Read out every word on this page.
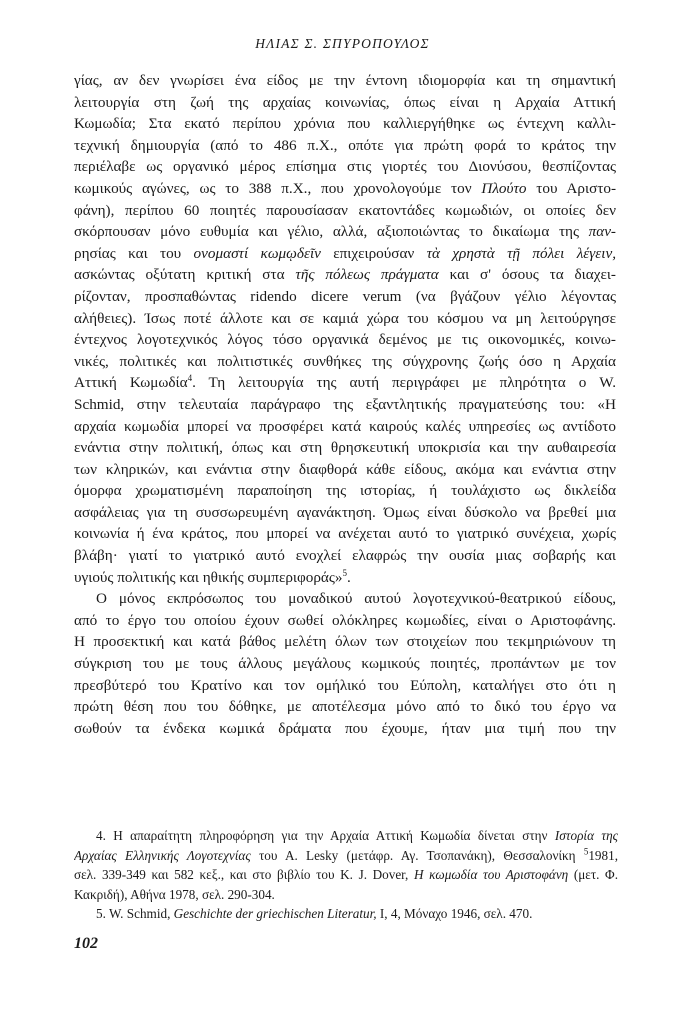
ΗΛΙΑΣ Σ. ΣΠΥΡΟΠΟΥΛΟΣ
γίας, αν δεν γνωρίσει ένα είδος με την έντονη ιδιομορφία και τη σημαντική
λειτουργία στη ζωή της αρχαίας κοινωνίας, όπως είναι η Αρχαία Αττική
Κωμωδία; Στα εκατό περίπου χρόνια που καλλιεργήθηκε ως έντεχνη καλλι-
τεχνική δημιουργία (από το 486 π.Χ., οπότε για πρώτη φορά το κράτος την
περιέλαβε ως οργανικό μέρος επίσημα στις γιορτές του Διονύσου, θεσπίζοντας
κωμικούς αγώνες, ως το 388 π.Χ., που χρονολογούμε τον Πλούτο του Αριστο-
φάνη), περίπου 60 ποιητές παρουσίασαν εκατοντάδες κωμωδιών, οι οποίες δεν
σκόρπουσαν μόνο ευθυμία και γέλιο, αλλά, αξιοποιώντας το δικαίωμα της παν-
ρησίας και του ονομαστί κωμῳδεῖν επιχειρούσαν τὰ χρηστὰ τῇ πόλει λέγειν,
ασκώντας οξύτατη κριτική στα τῆς πόλεως πράγματα και σ' όσους τα διαχει-
ρίζονταν, προσπαθώντας ridendo dicere verum (να βγάζουν γέλιο λέγοντας
αλήθειες). Ίσως ποτέ άλλοτε και σε καμιά χώρα του κόσμου να μη λειτούργησε
έντεχνος λογοτεχνικός λόγος τόσο οργανικά δεμένος με τις οικονομικές, κοινω-
νικές, πολιτικές και πολιτιστικές συνθήκες της σύγχρονης ζωής όσο η Αρχαία
Αττική Κωμωδία$^4$. Τη λειτουργία της αυτή περιγράφει με πληρότητα ο W.
Schmid, στην τελευταία παράγραφο της εξαντλητικής πραγματεύσης του: «Η
αρχαία κωμωδία μπορεί να προσφέρει κατά καιρούς καλές υπηρεσίες ως αντίδοτο
ενάντια στην πολιτική, όπως και στη θρησκευτική υποκρισία και την αυθαιρεσία
των κληρικών, και ενάντια στην διαφθορά κάθε είδους, ακόμα και ενάντια στην
όμορφα χρωματισμένη παραποίηση της ιστορίας, ή τουλάχιστο ως δικλείδα
ασφάλειας για τη συσσωρευμένη αγανάκτηση. Όμως είναι δύσκολο να βρεθεί μια
κοινωνία ή ένα κράτος, που μπορεί να ανέχεται αυτό το γιατρικό συνέχεια, χωρίς
βλάβη· γιατί το γιατρικό αυτό ενοχλεί ελαφρώς την ουσία μιας σοβαρής και
υγιούς πολιτικής και ηθικής συμπεριφοράς»$^5$.
Ο μόνος εκπρόσωπος του μοναδικού αυτού λογοτεχνικού-θεατρικού είδους,
από το έργο του οποίου έχουν σωθεί ολόκληρες κωμωδίες, είναι ο Αριστοφάνης.
Η προσεκτική και κατά βάθος μελέτη όλων των στοιχείων που τεκμηριώνουν τη
σύγκριση του με τους άλλους μεγάλους κωμικούς ποιητές, προπάντων με τον
πρεσβύτερό του Κρατίνο και τον ομήλικό του Εύπολη, καταλήγει στο ότι η
πρώτη θέση που του δόθηκε, με αποτέλεσμα μόνο από το δικό του έργο να
σωθούν τα ένδεκα κωμικά δράματα που έχουμε, ήταν μια τιμή που την
4. Η απαραίτητη πληροφόρηση για την Αρχαία Αττική Κωμωδία δίνεται στην Ιστορία της
Αρχαίας Ελληνικής Λογοτεχνίας του Α. Lesky (μετάφρ. Αγ. Τσοπανάκη), Θεσσαλονίκη $^5$1981,
σελ. 339-349 και 582 κεξ., και στο βιβλίο του Κ. J. Dover, Η κωμωδία του Αριστοφάνη (μετ. Φ.
Κακριδή), Αθήνα 1978, σελ. 290-304.
5. W. Schmid, Geschichte der griechischen Literatur, I, 4, Μόναχο 1946, σελ. 470.
102
